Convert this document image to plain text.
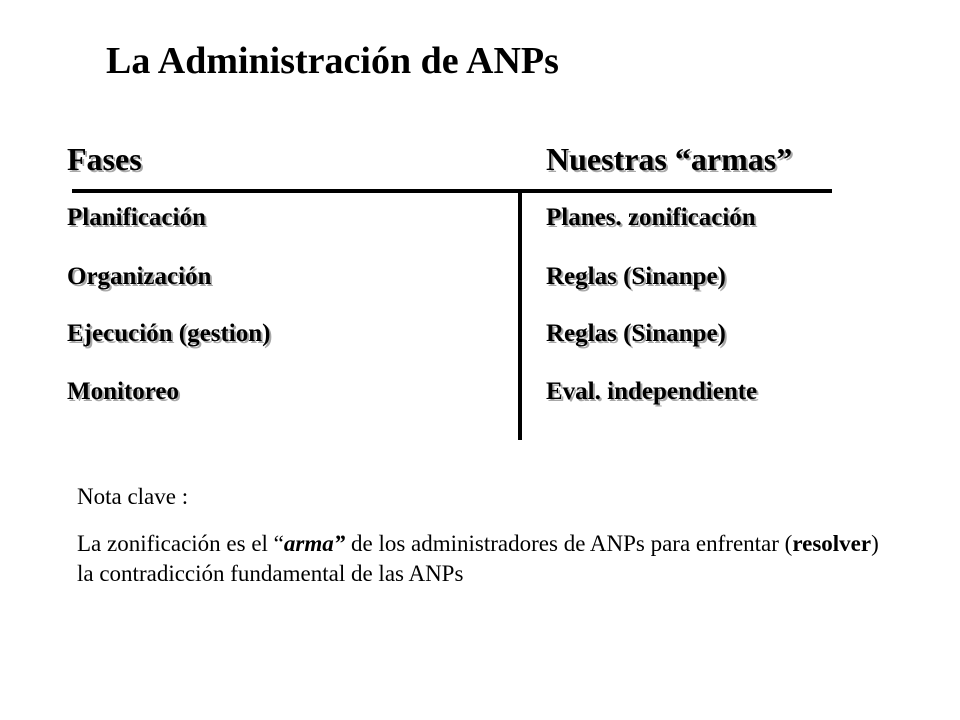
La Administración de ANPs
Fases	Nuestras “armas”
Planificación	Planes. zonificación
Organización	Reglas (Sinanpe)
Ejecución (gestion)	Reglas (Sinanpe)
Monitoreo	Eval. independiente

Nota clave :

La zonificación es el “arma” de los administradores de ANPs para enfrentar (resolver) la contradicción fundamental de las ANPs
